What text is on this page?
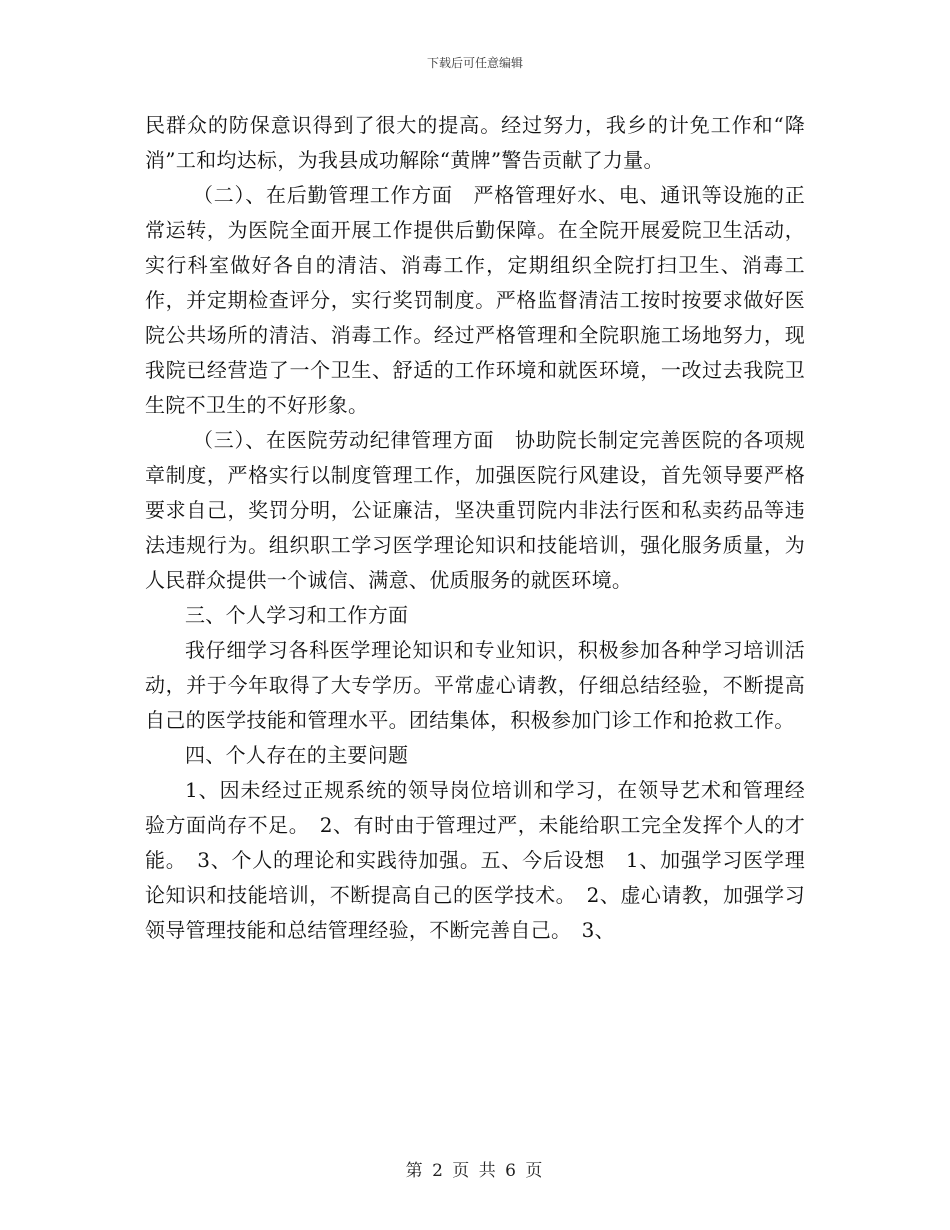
下载后可任意编辑

民群众的防保意识得到了很大的提高。经过努力，我乡的计免工作和“降消”工和均达标，为我县成功解除“黄牌”警告贡献了力量。

（二）、在后勤管理工作方面　严格管理好水、电、通讯等设施的正常运转，为医院全面开展工作提供后勤保障。在全院开展爱院卫生活动，实行科室做好各自的清洁、消毒工作，定期组织全院打扫卫生、消毒工作，并定期检查评分，实行奖罚制度。严格监督清洁工按时按要求做好医院公共场所的清洁、消毒工作。经过严格管理和全院职施工场地努力，现我院已经营造了一个卫生、舒适的工作环境和就医环境，一改过去我院卫生院不卫生的不好形象。

（三）、在医院劳动纪律管理方面　协助院长制定完善医院的各项规章制度，严格实行以制度管理工作，加强医院行风建设，首先领导要严格要求自己，奖罚分明，公证廉洁，坚决重罚院内非法行医和私卖药品等违法违规行为。组织职工学习医学理论知识和技能培训，强化服务质量，为人民群众提供一个诚信、满意、优质服务的就医环境。

三、个人学习和工作方面

我仔细学习各科医学理论知识和专业知识，积极参加各种学习培训活动，并于今年取得了大专学历。平常虚心请教，仔细总结经验，不断提高自己的医学技能和管理水平。团结集体，积极参加门诊工作和抢救工作。

四、个人存在的主要问题

1、因未经过正规系统的领导岗位培训和学习，在领导艺术和管理经验方面尚存不足。　2、有时由于管理过严，未能给职工完全发挥个人的才能。　3、个人的理论和实践待加强。五、今后设想　1、加强学习医学理论知识和技能培训，不断提高自己的医学技术。　2、虚心请教，加强学习领导管理技能和总结管理经验，不断完善自己。　3、

第 2 页 共 6 页
